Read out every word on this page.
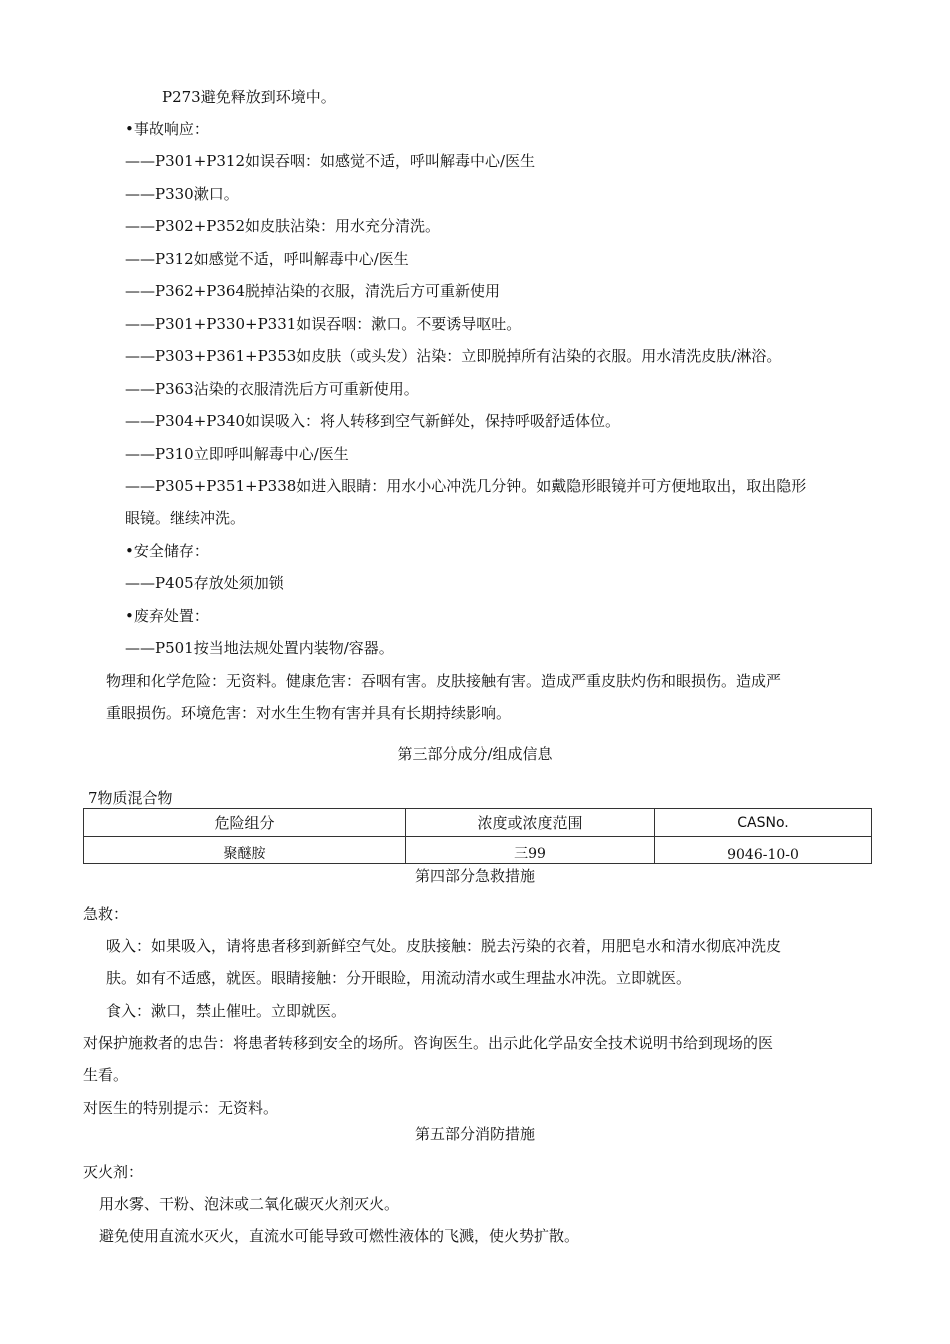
P273避免释放到环境中。
•事故响应：
——P301+P312如误吞咽：如感觉不适，呼叫解毒中心/医生
——P330漱口。
——P302+P352如皮肤沾染：用水充分清洗。
——P312如感觉不适，呼叫解毒中心/医生
——P362+P364脱掉沾染的衣服，清洗后方可重新使用
——P301+P330+P331如误吞咽：漱口。不要诱导呕吐。
——P303+P361+P353如皮肤（或头发）沾染：立即脱掉所有沾染的衣服。用水清洗皮肤/淋浴。
——P363沾染的衣服清洗后方可重新使用。
——P304+P340如误吸入：将人转移到空气新鲜处，保持呼吸舒适体位。
——P310立即呼叫解毒中心/医生
——P305+P351+P338如进入眼睛：用水小心冲洗几分钟。如戴隐形眼镜并可方便地取出，取出隐形
眼镜。继续冲洗。
•安全储存：
——P405存放处须加锁
•废弃处置：
——P501按当地法规处置内装物/容器。
物理和化学危险：无资料。健康危害：吞咽有害。皮肤接触有害。造成严重皮肤灼伤和眼损伤。造成严
重眼损伤。环境危害：对水生生物有害并具有长期持续影响。
第三部分成分/组成信息
7物质混合物
危险组分	浓度或浓度范围	CASNo.
聚醚胺	三99	9046-10-0
第四部分急救措施
急救：
吸入：如果吸入，请将患者移到新鲜空气处。皮肤接触：脱去污染的衣着，用肥皂水和清水彻底冲洗皮
肤。如有不适感，就医。眼睛接触：分开眼睑，用流动清水或生理盐水冲洗。立即就医。
食入：漱口，禁止催吐。立即就医。
对保护施救者的忠告：将患者转移到安全的场所。咨询医生。出示此化学品安全技术说明书给到现场的医
生看。
对医生的特别提示：无资料。
第五部分消防措施
灭火剂：
用水雾、干粉、泡沫或二氧化碳灭火剂灭火。
避免使用直流水灭火，直流水可能导致可燃性液体的飞溅，使火势扩散。
